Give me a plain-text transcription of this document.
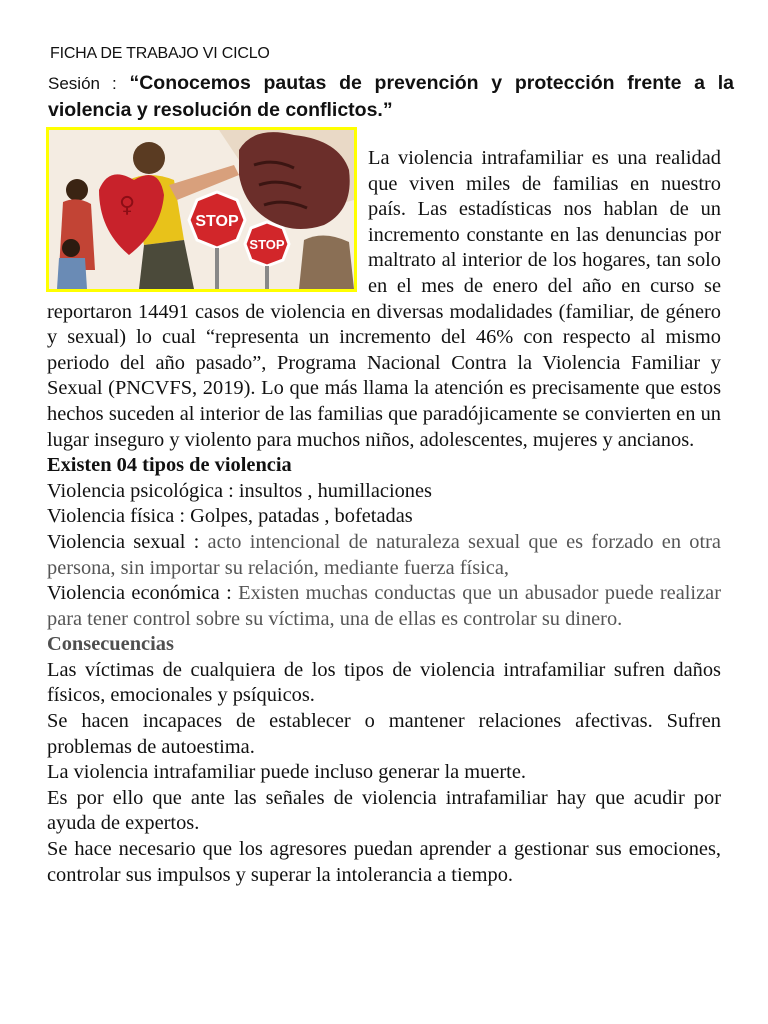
FICHA DE TRABAJO VI CICLO
Sesión : “Conocemos pautas de prevención y protección frente a la violencia y resolución de conflictos.”
♀
STOP
STOP

La violencia intrafamiliar es una realidad que viven miles de familias en nuestro país. Las estadísticas nos hablan de un incremento constante en las denuncias por maltrato al interior de los hogares, tan solo en el mes de enero del año en curso se reportaron 14491 casos de violencia en diversas modalidades (familiar, de género y sexual) lo cual “representa un incremento del 46% con respecto al mismo periodo del año pasado”, Programa Nacional Contra la Violencia Familiar y Sexual (PNCVFS, 2019). Lo que más llama la atención es precisamente que estos hechos suceden al interior de las familias que paradójicamente se convierten en un lugar inseguro y violento para muchos niños, adolescentes, mujeres y ancianos.

Existen 04 tipos de violencia

Violencia psicológica : insultos , humillaciones

Violencia física : Golpes, patadas , bofetadas

Violencia sexual : acto intencional de naturaleza sexual que es forzado en otra persona, sin importar su relación, mediante fuerza física,

Violencia económica : Existen muchas conductas que un abusador puede realizar para tener control sobre su víctima, una de ellas es controlar su dinero.

Consecuencias

Las víctimas de cualquiera de los tipos de violencia intrafamiliar sufren daños físicos, emocionales y psíquicos.

Se hacen incapaces de establecer o mantener relaciones afectivas. Sufren problemas de autoestima.

La violencia intrafamiliar puede incluso generar la muerte.

Es por ello que ante las señales de violencia intrafamiliar hay que acudir por ayuda de expertos.

Se hace necesario que los agresores puedan aprender a gestionar sus emociones, controlar sus impulsos y superar la intolerancia a tiempo.
